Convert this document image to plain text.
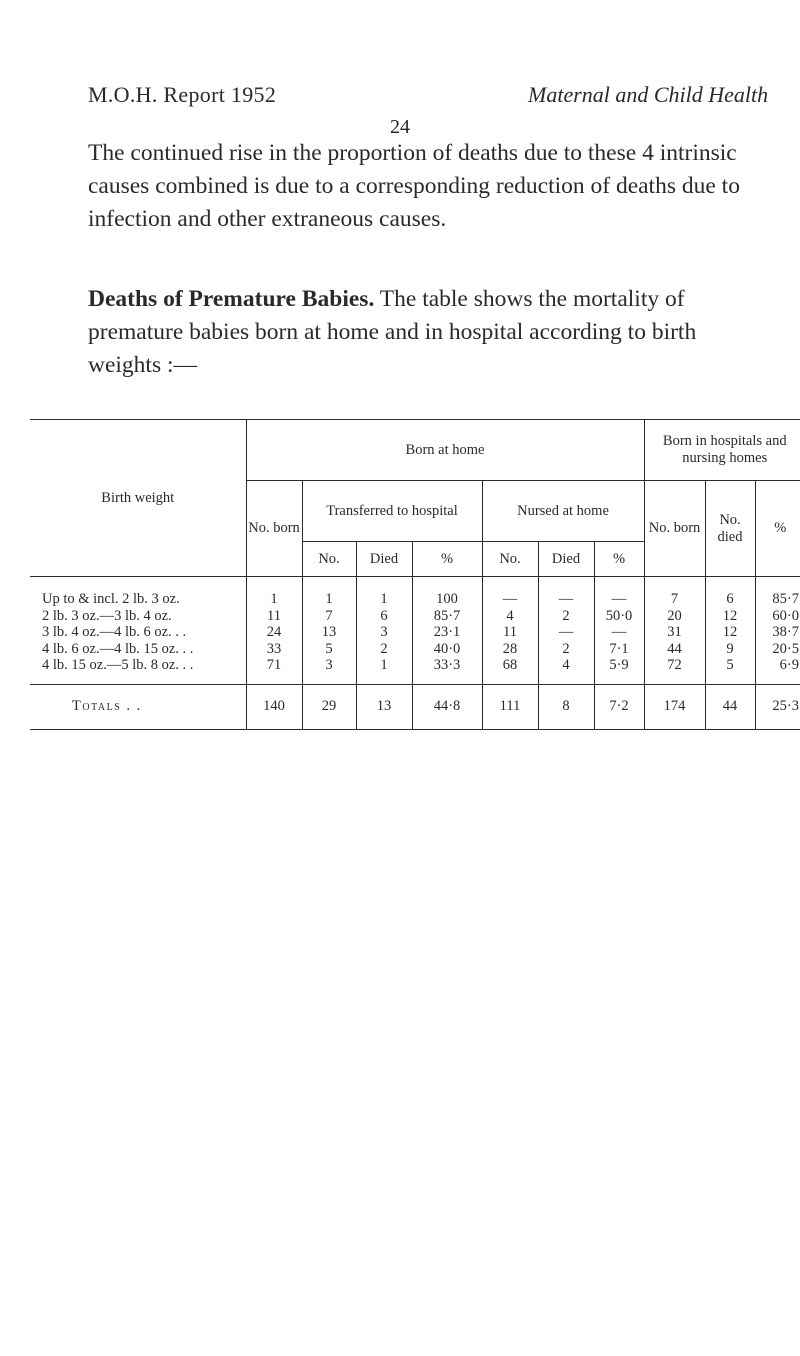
M.O.H. Report 1952	Maternal and Child Health
24
The continued rise in the proportion of deaths due to these 4 intrinsic causes combined is due to a corresponding reduction of deaths due to infection and other extraneous causes.
Deaths of Premature Babies. The table shows the mortality of premature babies born at home and in hospital according to birth weights :—
Birth weight	Born at home							Born in hospitals and nursing homes		
	No. born	Transferred to hospital			Nursed at home			No. born	No. died	%
		No.	Died	%	No.	Died	%			
Up to & incl. 2 lb. 3 oz.	1	1	1	100	—	—	—	7	6	85·7
2 lb. 3 oz.—3 lb. 4 oz.	11	7	6	85·7	4	2	50·0	20	12	60·0
3 lb. 4 oz.—4 lb. 6 oz. . .	24	13	3	23·1	11	—	—	31	12	38·7
4 lb. 6 oz.—4 lb. 15 oz. . .	33	5	2	40·0	28	2	7·1	44	9	20·5
4 lb. 15 oz.—5 lb. 8 oz. . .	71	3	1	33·3	68	4	5·9	72	5	6·9
Totals . .	140	29	13	44·8	111	8	7·2	174	44	25·3
